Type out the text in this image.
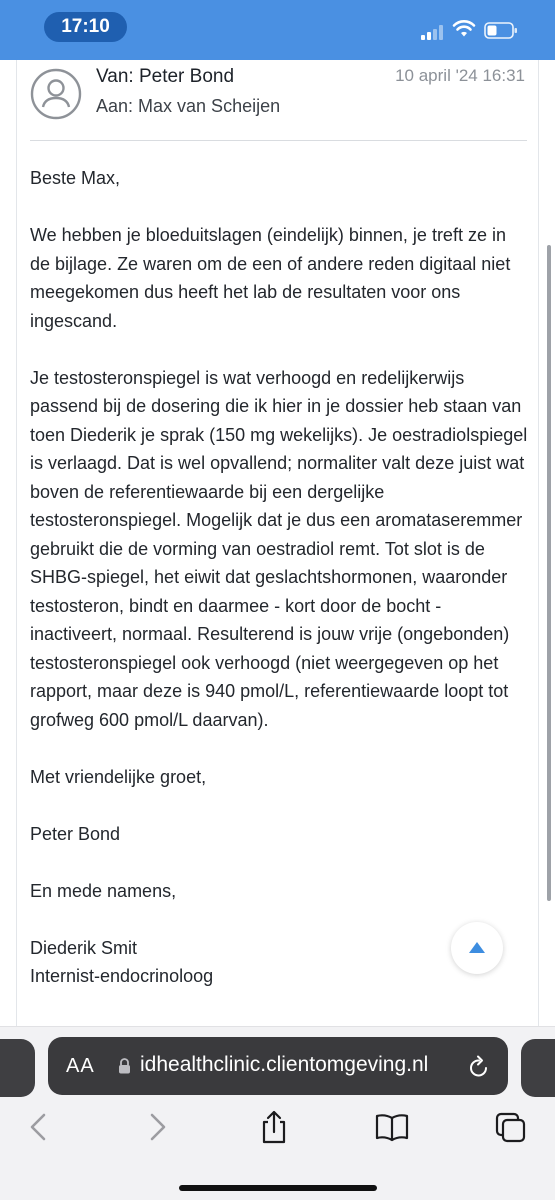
17:10
Van: Peter Bond
Aan: Max van Scheijen
10 april '24 16:31

Beste Max,

We hebben je bloeduitslagen (eindelijk) binnen, je treft ze in de bijlage. Ze waren om de een of andere reden digitaal niet meegekomen dus heeft het lab de resultaten voor ons ingescand.

Je testosteronspiegel is wat verhoogd en redelijkerwijs passend bij de dosering die ik hier in je dossier heb staan van toen Diederik je sprak (150 mg wekelijks). Je oestradiolspiegel is verlaagd. Dat is wel opvallend; normaliter valt deze juist wat boven de referentiewaarde bij een dergelijke testosteronspiegel. Mogelijk dat je dus een aromataseremmer gebruikt die de vorming van oestradiol remt. Tot slot is de SHBG-spiegel, het eiwit dat geslachtshormonen, waaronder testosteron, bindt en daarmee - kort door de bocht - inactiveert, normaal. Resulterend is jouw vrije (ongebonden) testosteronspiegel ook verhoogd (niet weergegeven op het rapport, maar deze is 940 pmol/L, referentiewaarde loopt tot grofweg 600 pmol/L daarvan).

Met vriendelijke groet,

Peter Bond

En mede namens,

Diederik Smit

Internist-endocrinoloog

AA idhealthclinic.clientomgeving.nl
